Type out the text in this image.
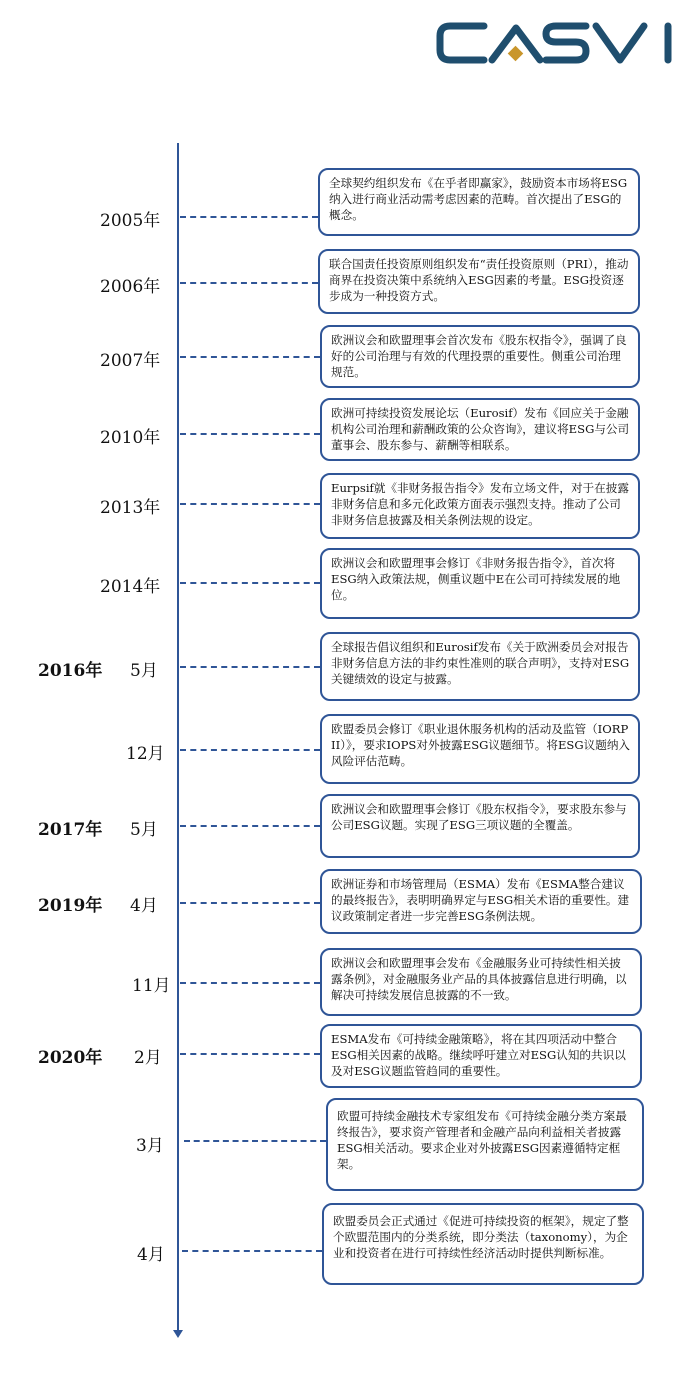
2005年
全球契约组织发布《在乎者即赢家》，鼓励资本市场将ESG纳入进行商业活动需考虑因素的范畴。首次提出了ESG的概念。
2006年
联合国责任投资原则组织发布“责任投资原则（PRI），推动商界在投资决策中系统纳入ESG因素的考量。ESG投资逐步成为一种投资方式。
2007年
欧洲议会和欧盟理事会首次发布《股东权指令》，强调了良好的公司治理与有效的代理投票的重要性。侧重公司治理规范。
2010年
欧洲可持续投资发展论坛（Eurosif）发布《回应关于金融机构公司治理和薪酬政策的公众咨询》，建议将ESG与公司董事会、股东参与、薪酬等相联系。
2013年
Eurpsif就《非财务报告指令》发布立场文件，对于在披露非财务信息和多元化政策方面表示强烈支持。推动了公司非财务信息披露及相关条例法规的设定。
2014年
欧洲议会和欧盟理事会修订《非财务报告指令》，首次将ESG纳入政策法规，侧重议题中E在公司可持续发展的地位。
2016年 5月
全球报告倡议组织和Eurosif发布《关于欧洲委员会对报告非财务信息方法的非约束性准则的联合声明》，支持对ESG关键绩效的设定与披露。
12月
欧盟委员会修订《职业退休服务机构的活动及监管（IORP II）》，要求IOPS对外披露ESG议题细节。将ESG议题纳入风险评估范畴。
2017年 5月
欧洲议会和欧盟理事会修订《股东权指令》，要求股东参与公司ESG议题。实现了ESG三项议题的全覆盖。
2019年 4月
欧洲证券和市场管理局（ESMA）发布《ESMA整合建议的最终报告》，表明明确界定与ESG相关术语的重要性。建议政策制定者进一步完善ESG条例法规。
11月
欧洲议会和欧盟理事会发布《金融服务业可持续性相关披露条例》，对金融服务业产品的具体披露信息进行明确，以解决可持续发展信息披露的不一致。
2020年 2月
ESMA发布《可持续金融策略》，将在其四项活动中整合ESG相关因素的战略。继续呼吁建立对ESG认知的共识以及对ESG议题监管趋同的重要性。
3月
欧盟可持续金融技术专家组发布《可持续金融分类方案最终报告》，要求资产管理者和金融产品向利益相关者披露ESG相关活动。要求企业对外披露ESG因素遵循特定框架。
4月
欧盟委员会正式通过《促进可持续投资的框架》，规定了整个欧盟范围内的分类系统，即分类法（taxonomy），为企业和投资者在进行可持续性经济活动时提供判断标准。
